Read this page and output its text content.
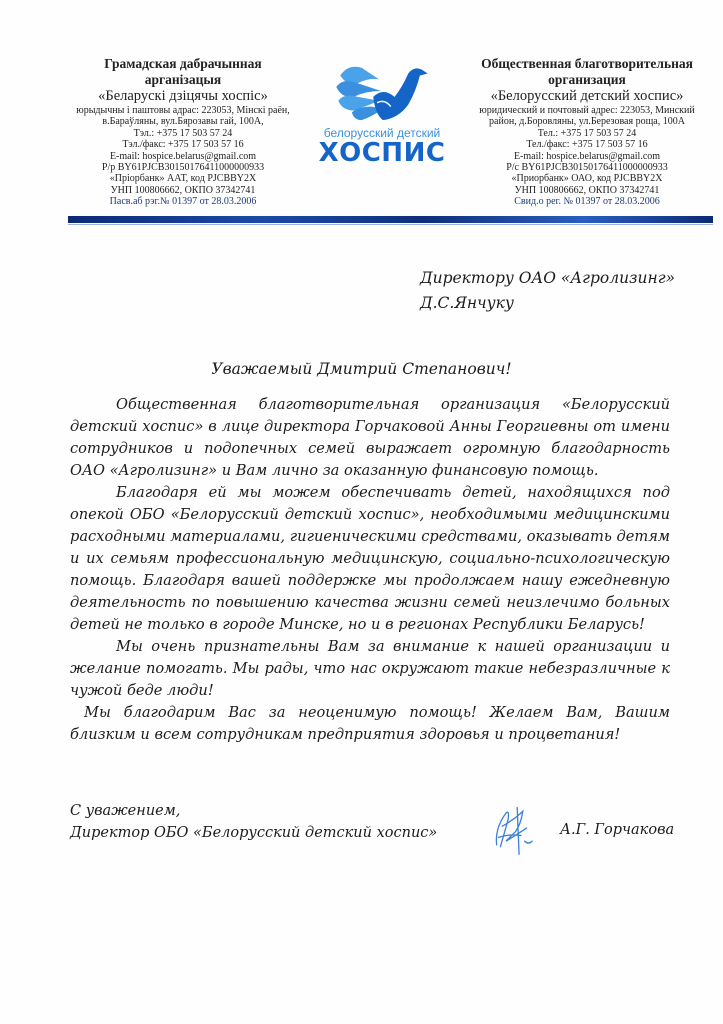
Грамадская дабрачынная
арганізацыя
«Беларускі дзіцячы хоспіс»
юрыдычны і паштовы адрас: 223053, Мінскі раён,
в.Бараўляны, вул.Бярозавы гай, 100А,
Тэл.: +375 17 503 57 24
Тэл./факс: +375 17 503 57 16
E-mail: hospice.belarus@gmail.com
Р/р BY61PJCB30150176411000000933
«Пріорбанк» ААТ, код PJCBBY2X
УНП 100806662, ОКПО 37342741
Пасв.аб рэг.№ 01397 от 28.03.2006
белорусский детский
ХОСПИС
Общественная благотворительная
организация
«Белорусский детский хоспис»
юридический и почтовый адрес: 223053, Минский
район, д.Боровляны, ул.Березовая роща, 100А
Тел.: +375 17 503 57 24
Тел./факс: +375 17 503 57 16
E-mail: hospice.belarus@gmail.com
Р/с BY61PJCB30150176411000000933
«Приорбанк» ОАО, код PJCBBY2X
УНП 100806662, ОКПО 37342741
Свид.о рег. № 01397 от 28.03.2006
Директору ОАО «Агролизинг»
Д.С.Янчуку
Уважаемый Дмитрий Степанович!

Общественная благотворительная организация «Белорусский детский хоспис» в лице директора Горчаковой Анны Георгиевны от имени сотрудников и подопечных семей выражает огромную благодарность ОАО «Агролизинг» и Вам лично за оказанную финансовую помощь.

Благодаря ей мы можем обеспечивать детей, находящихся под опекой ОБО «Белорусский детский хоспис», необходимыми медицинскими расходными материалами, гигиеническими средствами, оказывать детям и их семьям профессиональную медицинскую, социально-психологическую помощь. Благодаря вашей поддержке мы продолжаем нашу ежедневную деятельность по повышению качества жизни семей неизлечимо больных детей не только в городе Минске, но и в регионах Республики Беларусь!

Мы очень признательны Вам за внимание к нашей организации и желание помогать. Мы рады, что нас окружают такие небезразличные к чужой беде люди!

Мы благодарим Вас за неоценимую помощь! Желаем Вам, Вашим близким и всем сотрудникам предприятия здоровья и процветания!

С уважением,
Директор ОБО «Белорусский детский хоспис»	А.Г. Горчакова
